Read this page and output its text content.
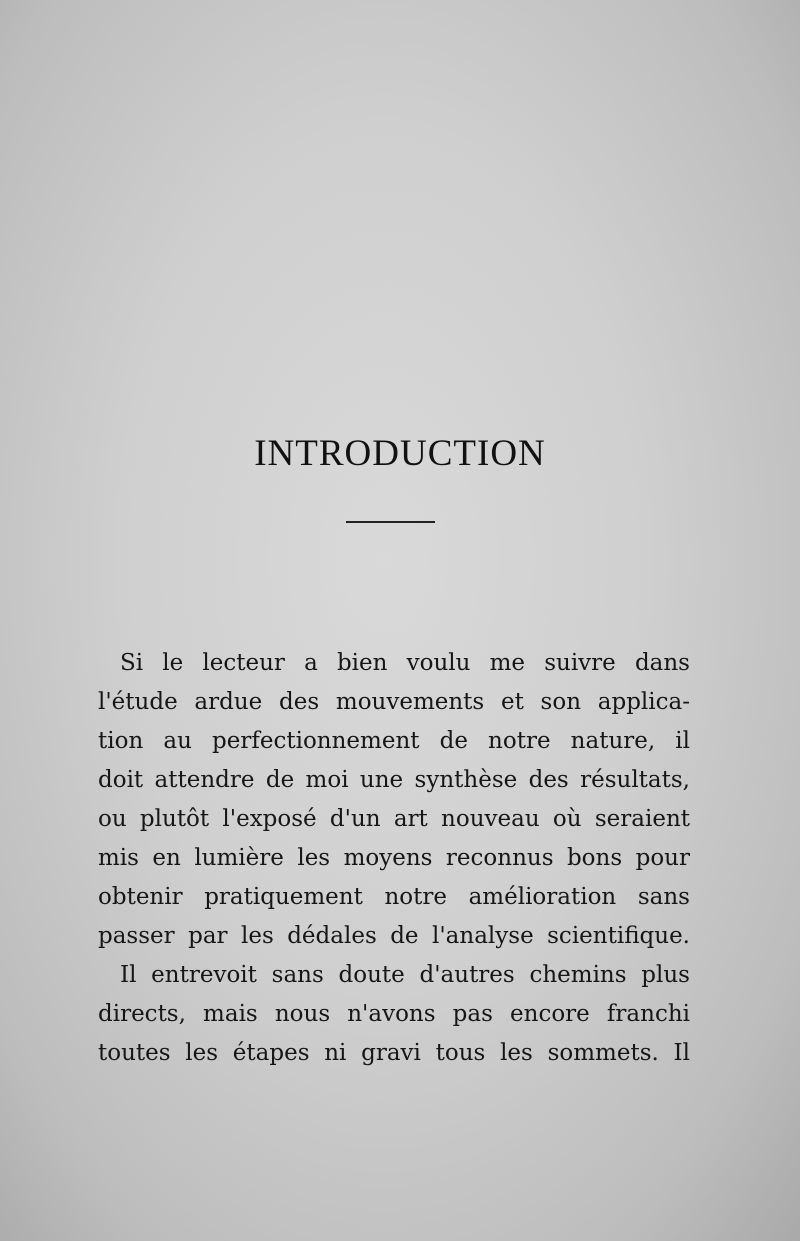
INTRODUCTION
Si le lecteur a bien voulu me suivre dans
l'étude ardue des mouvements et son applica-
tion au perfectionnement de notre nature, il
doit attendre de moi une synthèse des résultats,
ou plutôt l'exposé d'un art nouveau où seraient
mis en lumière les moyens reconnus bons pour
obtenir pratiquement notre amélioration sans
passer par les dédales de l'analyse scientifique.
Il entrevoit sans doute d'autres chemins plus
directs, mais nous n'avons pas encore franchi
toutes les étapes ni gravi tous les sommets. Il
